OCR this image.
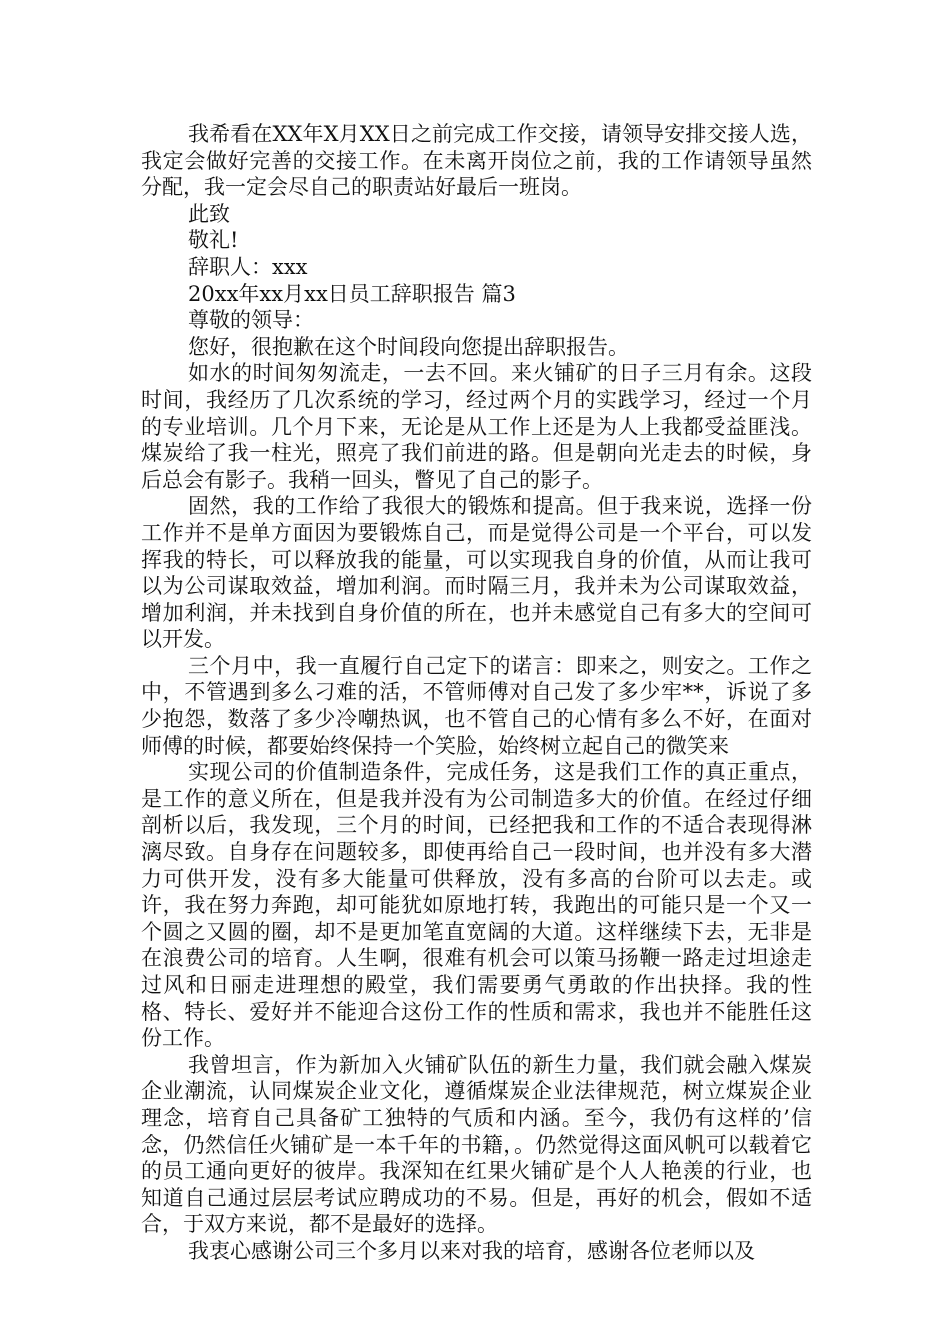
我希看在XX年X月XX日之前完成工作交接，请领导安排交接人选，我定会做好完善的交接工作。在未离开岗位之前，我的工作请领导虽然分配，我一定会尽自己的职责站好最后一班岗。

此致

敬礼!

辞职人：xxx

20xx年xx月xx日员工辞职报告 篇3

尊敬的领导：

您好，很抱歉在这个时间段向您提出辞职报告。

如水的时间匆匆流走，一去不回。来火铺矿的日子三月有余。这段时间，我经历了几次系统的学习，经过两个月的实践学习，经过一个月的专业培训。几个月下来，无论是从工作上还是为人上我都受益匪浅。煤炭给了我一柱光，照亮了我们前进的路。但是朝向光走去的时候，身后总会有影子。我稍一回头，瞥见了自己的影子。

固然，我的工作给了我很大的锻炼和提高。但于我来说，选择一份工作并不是单方面因为要锻炼自己，而是觉得公司是一个平台，可以发挥我的特长，可以释放我的能量，可以实现我自身的价值，从而让我可以为公司谋取效益，增加利润。而时隔三月，我并未为公司谋取效益，增加利润，并未找到自身价值的所在，也并未感觉自己有多大的空间可以开发。

三个月中，我一直履行自己定下的诺言：即来之，则安之。工作之中，不管遇到多么刁难的活，不管师傅对自己发了多少牢**，诉说了多少抱怨，数落了多少冷嘲热讽，也不管自己的心情有多么不好，在面对师傅的时候，都要始终保持一个笑脸，始终树立起自己的微笑来

实现公司的价值制造条件，完成任务，这是我们工作的真正重点，是工作的意义所在，但是我并没有为公司制造多大的价值。在经过仔细剖析以后，我发现，三个月的时间，已经把我和工作的不适合表现得淋漓尽致。自身存在问题较多，即使再给自己一段时间，也并没有多大潜力可供开发，没有多大能量可供释放，没有多高的台阶可以去走。或许，我在努力奔跑，却可能犹如原地打转，我跑出的可能只是一个又一个圆之又圆的圈，却不是更加笔直宽阔的大道。这样继续下去，无非是在浪费公司的培育。人生啊，很难有机会可以策马扬鞭一路走过坦途走过风和日丽走进理想的殿堂，我们需要勇气勇敢的作出抉择。我的性格、特长、爱好并不能迎合这份工作的性质和需求，我也并不能胜任这份工作。

我曾坦言，作为新加入火铺矿队伍的新生力量，我们就会融入煤炭企业潮流，认同煤炭企业文化，遵循煤炭企业法律规范，树立煤炭企业理念，培育自己具备矿工独特的气质和内涵。至今，我仍有这样的’信念，仍然信任火铺矿是一本千年的书籍，。仍然觉得这面风帆可以载着它的员工通向更好的彼岸。我深知在红果火铺矿是个人人艳羡的行业，也知道自己通过层层考试应聘成功的不易。但是，再好的机会，假如不适合，于双方来说，都不是最好的选择。

我衷心感谢公司三个多月以来对我的培育，感谢各位老师以及
